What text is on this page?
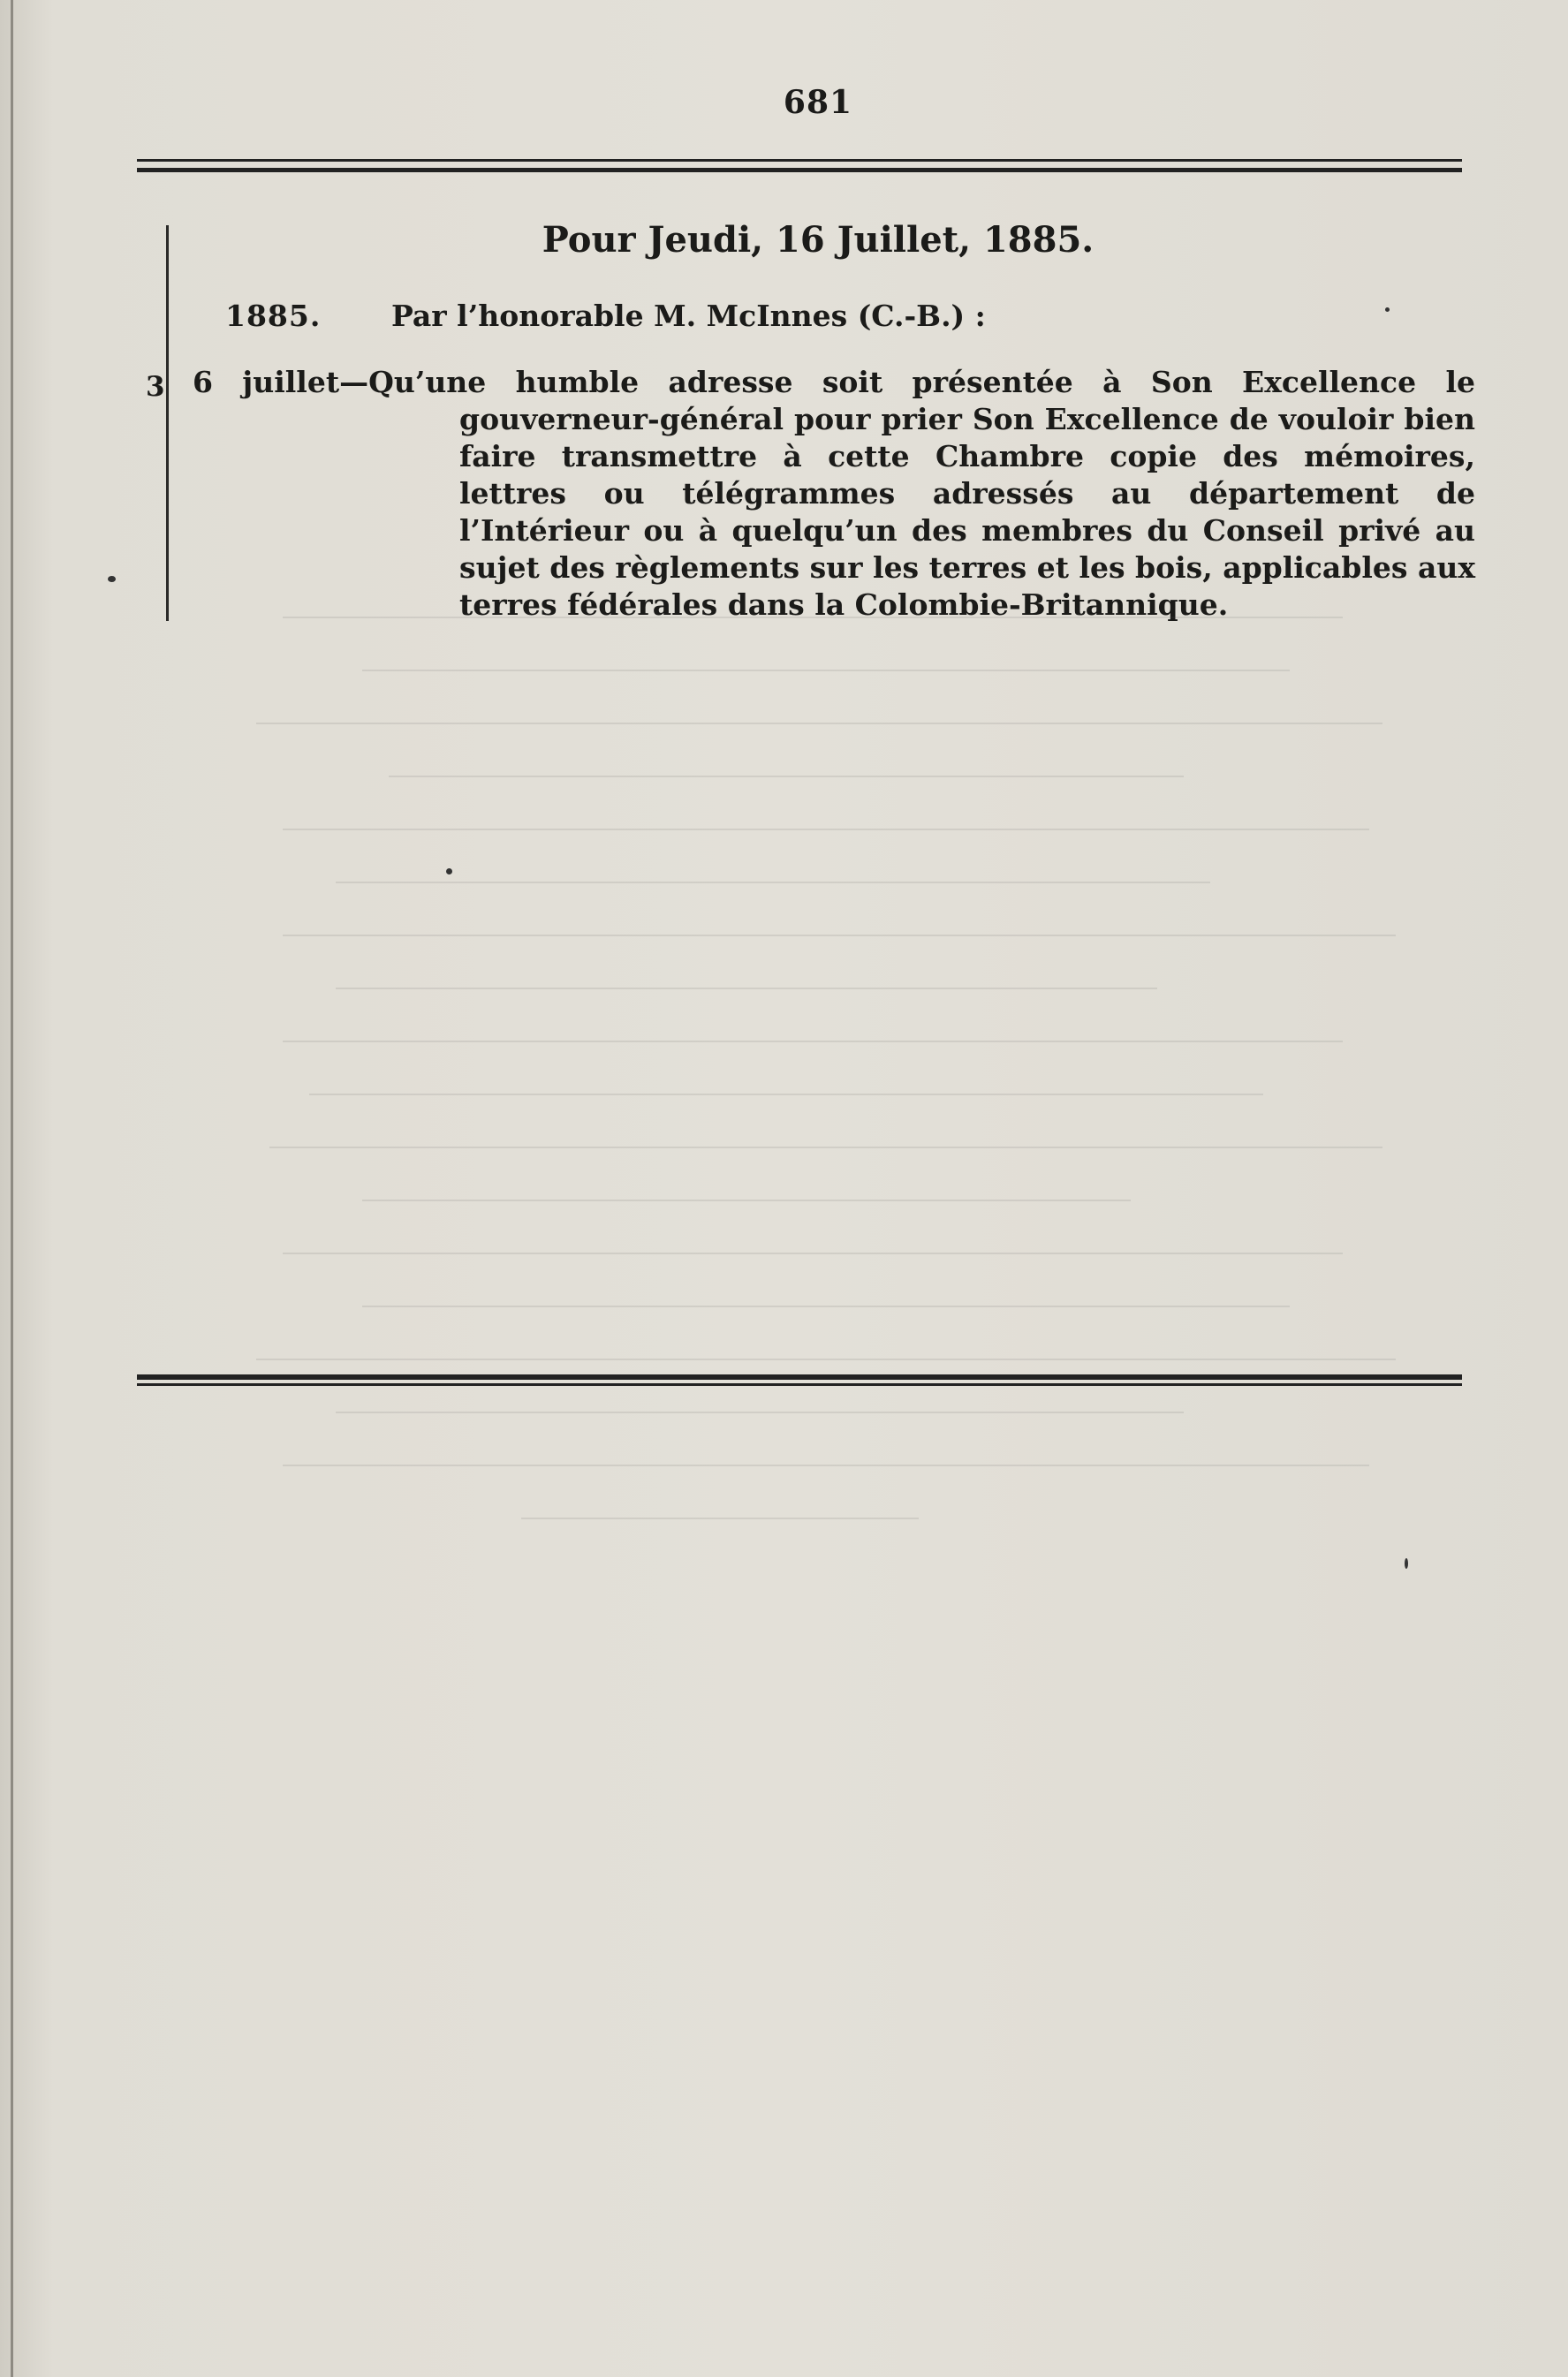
681
Pour Jeudi, 16 Juillet, 1885.
1885. Par l’honorable M. McInnes (C.-B.) :
3 6 juillet—Qu’une humble adresse soit présentée à Son Excellence le gouverneur-général pour prier Son Excellence de vouloir bien faire transmettre à cette Chambre copie des mémoires, lettres ou télégrammes adressés au département de l’Intérieur ou à quelqu’un des membres du Conseil privé au sujet des règlements sur les terres et les bois, applicables aux terres fédérales dans la Colombie-Britannique.
